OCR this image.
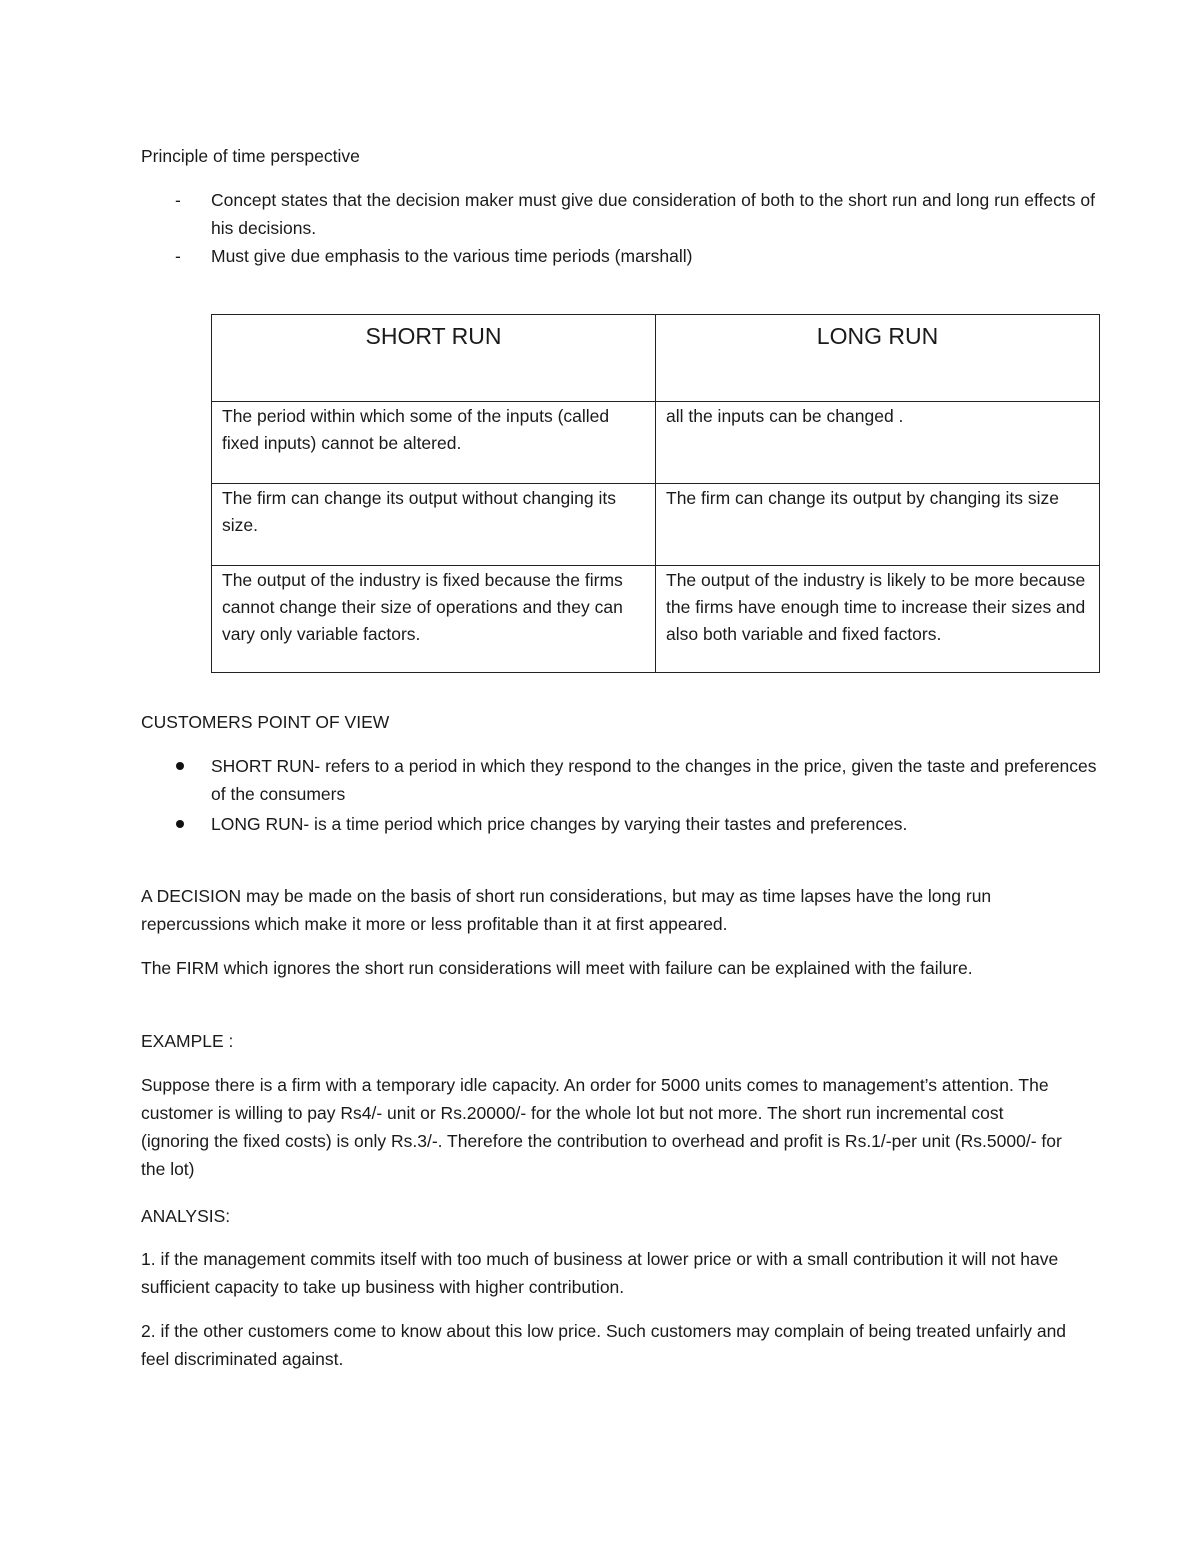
Principle of time perspective
- Concept states that the decision maker must give due consideration of both to the short run and long run effects of his decisions.
- Must give due emphasis to the various time periods (marshall)
SHORT RUN	LONG RUN
The period within which some of the inputs (called fixed inputs) cannot be altered.	all the inputs can be changed .
The firm can change its output without changing its size.	The firm can change its output by changing its size
The output of the industry is fixed because the firms cannot change their size of operations and they can vary only variable factors.	The output of the industry is likely to be more because the firms have enough time to increase their sizes and also both variable and fixed factors.
CUSTOMERS POINT OF VIEW
SHORT RUN- refers to a period in which they respond to the changes in the price, given the taste and preferences of the consumers
LONG RUN- is a time period which price changes by varying their tastes and preferences.
A DECISION may be made on the basis of short run considerations, but may as time lapses have the long run repercussions which make it more or less profitable than it at first appeared.
The FIRM which ignores the short run considerations will meet with failure can be explained with the failure.
EXAMPLE :
Suppose there is a firm with a temporary idle capacity. An order for 5000 units comes to management’s attention. The customer is willing to pay Rs4/- unit or Rs.20000/- for the whole lot but not more. The short run incremental cost (ignoring the fixed costs) is only Rs.3/-. Therefore the contribution to overhead and profit is Rs.1/-per unit (Rs.5000/- for the lot)
ANALYSIS:
1. if the management commits itself with too much of business at lower price or with a small contribution it will not have sufficient capacity to take up business with higher contribution.
2. if the other customers come to know about this low price. Such customers may complain of being treated unfairly and feel discriminated against.
